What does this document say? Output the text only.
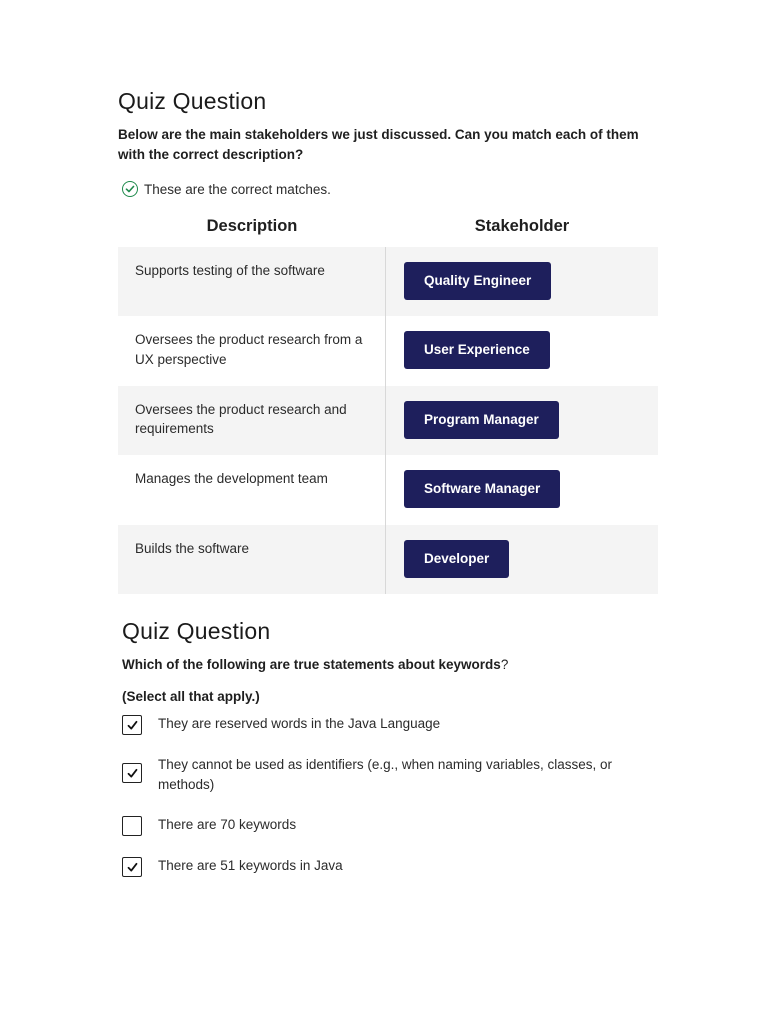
Quiz Question

Below are the main stakeholders we just discussed. Can you match each of them with the correct description?

These are the correct matches.
Description	Stakeholder
Supports testing of the software
Quality Engineer
Oversees the product research from a UX perspective
User Experience
Oversees the product research and requirements
Program Manager
Manages the development team
Software Manager
Builds the software
Developer
Quiz Question

Which of the following are true statements about keywords?

(Select all that apply.)

They are reserved words in the Java Language
They cannot be used as identifiers (e.g., when naming variables, classes, or methods)
There are 70 keywords
There are 51 keywords in Java
